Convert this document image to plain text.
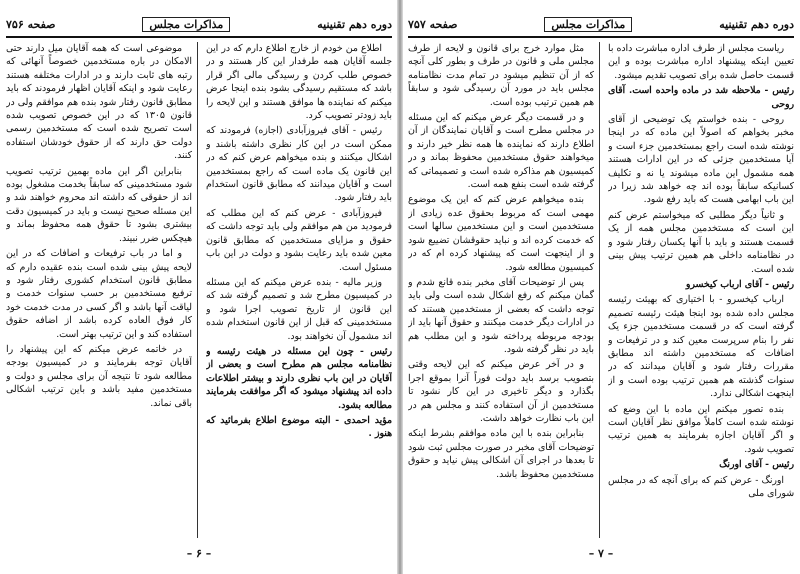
دوره دهم تقنینیه
مذاکرات مجلس
صفحه ۷۵۶

اطلاع من خودم از خارج اطلاع دارم که در این جلسه آقایان همه طرفدار این کار هستند و در خصوص طلب کردن و رسیدگی مالی اگر قرار باشد که مستقیم رسیدگی بشود بنده اینجا عرض میکنم که نماینده ها موافق هستند و این لایحه را باید زودتر تصویب کرد.

رئیس - آقای فیروزآبادی (اجازه) فرمودند که ممکن است در این کار نظری داشته باشند و اشکال میکنند و بنده میخواهم عرض کنم که در این قانون یک ماده است که راجع بمستخدمین است و آقایان میدانند که مطابق قانون استخدام باید رفتار شود.

فیروزآبادی - عرض کنم که این مطلب که فرمودید من هم موافقم ولی باید توجه داشت که حقوق و مزایای مستخدمین که مطابق قانون معین شده باید رعایت بشود و دولت در این باب مسئول است.

وزیر مالیه - بنده عرض میکنم که این مسئله در کمیسیون مطرح شد و تصمیم گرفته شد که این قانون از تاریخ تصویب اجرا شود و مستخدمینی که قبل از این قانون استخدام شده اند مشمول آن نخواهند بود.

رئیس - چون این مسئله در هیئت رئیسه و نظامنامه مجلس هم مطرح است و بعضی از آقایان در این باب نظری دارند و بیشتر اطلاعات داده اند پیشنهاد میشود که اگر موافقت بفرمایند مطالعه بشود.

مؤید احمدی - البته موضوع اطلاع بفرمائید که هنوز .

موضوعی است که همه آقایان میل دارند حتی الامکان در باره مستخدمین خصوصاً آنهائی که رتبه های ثابت دارند و در ادارات مختلفه هستند رعایت شود و اینکه آقایان اظهار فرمودند که باید مطابق قانون رفتار شود بنده هم موافقم ولی در قانون ۱۳۰۵ که در این خصوص تصویب شده است تصریح شده است که مستخدمین رسمی دولت حق دارند که از حقوق خودشان استفاده کنند.

بنابراین اگر این ماده بهمین ترتیب تصویب شود مستخدمینی که سابقاً بخدمت مشغول بوده اند از حقوقی که داشته اند محروم خواهند شد و این مسئله صحیح نیست و باید در کمیسیون دقت بیشتری بشود تا حقوق همه محفوظ بماند و هیچکس ضرر نبیند.

و اما در باب ترفیعات و اضافات که در این لایحه پیش بینی شده است بنده عقیده دارم که مطابق قانون استخدام کشوری رفتار شود و ترفیع مستخدمین بر حسب سنوات خدمت و لیاقت آنها باشد و اگر کسی در مدت خدمت خود کار فوق العاده کرده باشد از اضافه حقوق استفاده کند و این ترتیب بهتر است.

در خاتمه عرض میکنم که این پیشنهاد را آقایان توجه بفرمایند و در کمیسیون بودجه مطالعه شود تا نتیجه آن برای مجلس و دولت و مستخدمین مفید باشد و باین ترتیب اشکالی باقی نماند.

– ۶ –
دوره دهم تقنینیه
مذاکرات مجلس
صفحه ۷۵۷

ریاست مجلس از طرف اداره مباشرت داده با تعیین اینکه پیشنهاد اداره مباشرت بوده و این قسمت حاصل شده برای تصویب تقدیم میشود.

رئیس - ملاحظه شد در ماده واحده است. آقای روحی

روحی - بنده خواستم یک توضیحی از آقای مخبر بخواهم که اصولاً این ماده که در اینجا نوشته شده است راجع بمستخدمین جزء است و آیا مستخدمین جزئی که در این ادارات هستند همه مشمول این ماده میشوند یا نه و تکلیف کسانیکه سابقاً بوده اند چه خواهد شد زیرا در این باب ابهامی هست که باید رفع شود.

و ثانیاً دیگر مطلبی که میخواستم عرض کنم این است که مستخدمین مجلس همه از یک قسمت هستند و باید با آنها یکسان رفتار شود و در نظامنامه داخلی هم همین ترتیب پیش بینی شده است.

رئیس - آقای ارباب کیخسرو

ارباب کیخسرو - با اختیاری که بهیئت رئیسه مجلس داده شده بود اینجا هیئت رئیسه تصمیم گرفته است که در قسمت مستخدمین جزء یک نفر را بنام سرپرست معین کند و در ترفیعات و اضافات که مستخدمین داشته اند مطابق مقررات رفتار شود و آقایان میدانند که در سنوات گذشته هم همین ترتیب بوده است و از اینجهت اشکالی ندارد.

بنده تصور میکنم این ماده با این وضع که نوشته شده است کاملاً موافق نظر آقایان است و اگر آقایان اجازه بفرمایند به همین ترتیب تصویب شود.

رئیس - آقای اورنگ

اورنگ - عرض کنم که برای آنچه که در مجلس شورای ملی

مثل موارد خرج برای قانون و لایحه از طرف مجلس ملی و قانون در طرف و بطور کلی آنچه که از آن تنظیم میشود در تمام مدت نظامنامه مجلس باید در مورد آن رسیدگی شود و سابقاً هم همین ترتیب بوده است.

و در قسمت دیگر عرض میکنم که این مسئله در مجلس مطرح است و آقایان نمایندگان از آن اطلاع دارند که نماینده ها همه نظر خیر دارند و میخواهند حقوق مستخدمین محفوظ بماند و در کمیسیون هم مذاکره شده است و تصمیماتی که گرفته شده است بنفع همه است.

بنده میخواهم عرض کنم که این یک موضوع مهمی است که مربوط بحقوق عده زیادی از مستخدمین است و این مستخدمین سالها است که خدمت کرده اند و نباید حقوقشان تضییع شود و از اینجهت است که پیشنهاد کرده ام که در کمیسیون مطالعه شود.

پس از توضیحات آقای مخبر بنده قانع شدم و گمان میکنم که رفع اشکال شده است ولی باید توجه داشت که بعضی از مستخدمین هستند که در ادارات دیگر خدمت میکنند و حقوق آنها باید از بودجه مربوطه پرداخته شود و این مطلب هم باید در نظر گرفته شود.

و در آخر عرض میکنم که این لایحه وقتی بتصویب برسد باید دولت فوراً آنرا بموقع اجرا بگذارد و دیگر تاخیری در این کار نشود تا مستخدمین از آن استفاده کنند و مجلس هم در این باب نظارت خواهد داشت.

بنابراین بنده با این ماده موافقم بشرط اینکه توضیحات آقای مخبر در صورت مجلس ثبت شود تا بعدها در اجرای آن اشکالی پیش نیاید و حقوق مستخدمین محفوظ باشد.

– ۷ –
